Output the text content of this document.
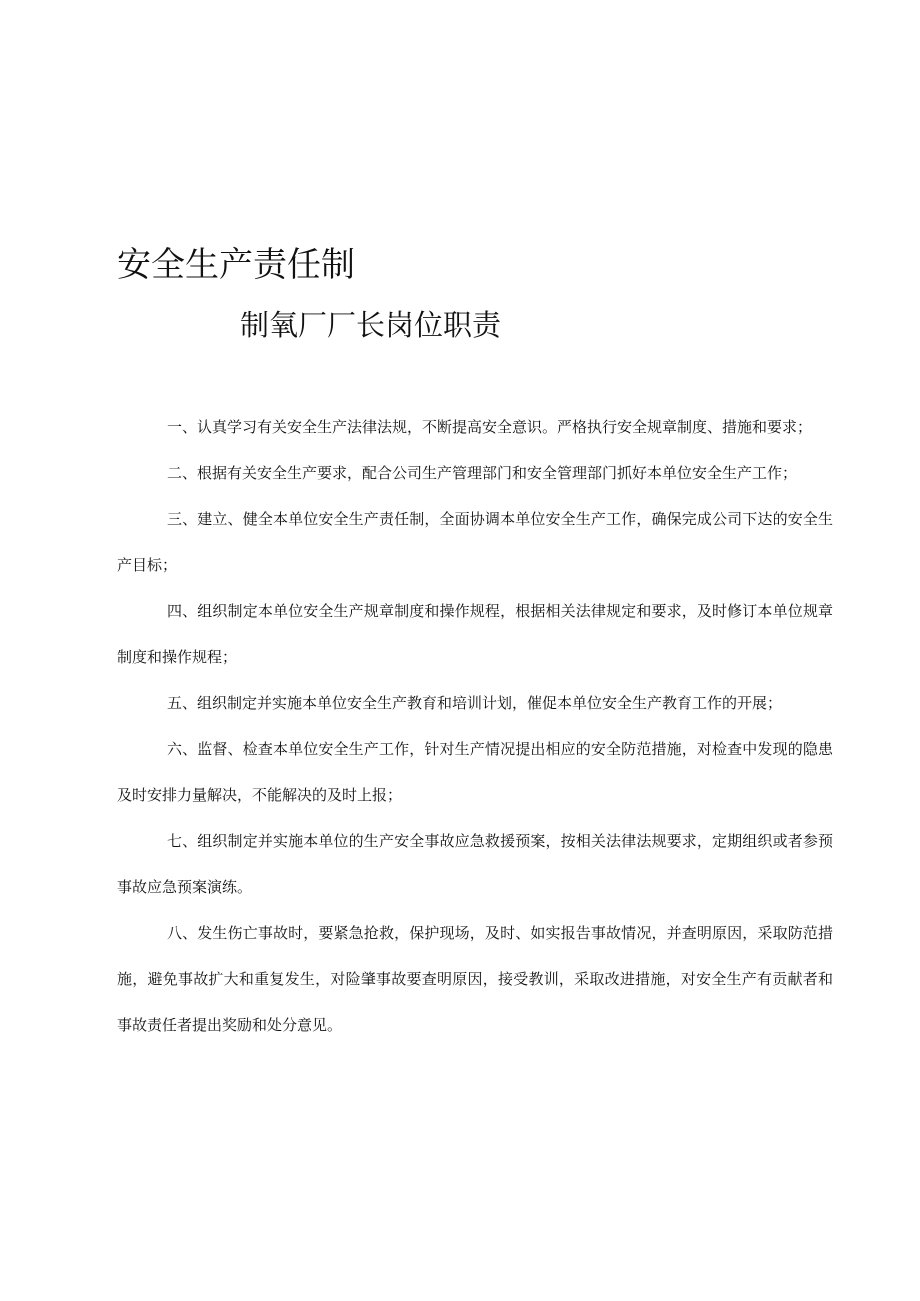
安全生产责任制
制氧厂厂长岗位职责

一、认真学习有关安全生产法律法规，不断提高安全意识。严格执行安全规章制度、措施和要求；

二、根据有关安全生产要求，配合公司生产管理部门和安全管理部门抓好本单位安全生产工作；

三、建立、健全本单位安全生产责任制，全面协调本单位安全生产工作，确保完成公司下达的安全生产目标；

四、组织制定本单位安全生产规章制度和操作规程，根据相关法律规定和要求，及时修订本单位规章制度和操作规程；

五、组织制定并实施本单位安全生产教育和培训计划，催促本单位安全生产教育工作的开展；

六、监督、检查本单位安全生产工作，针对生产情况提出相应的安全防范措施，对检查中发现的隐患及时安排力量解决，不能解决的及时上报；

七、组织制定并实施本单位的生产安全事故应急救援预案，按相关法律法规要求，定期组织或者参预事故应急预案演练。

八、发生伤亡事故时，要紧急抢救，保护现场，及时、如实报告事故情况，并查明原因，采取防范措施，避免事故扩大和重复发生，对险肇事故要查明原因，接受教训，采取改进措施，对安全生产有贡献者和事故责任者提出奖励和处分意见。
